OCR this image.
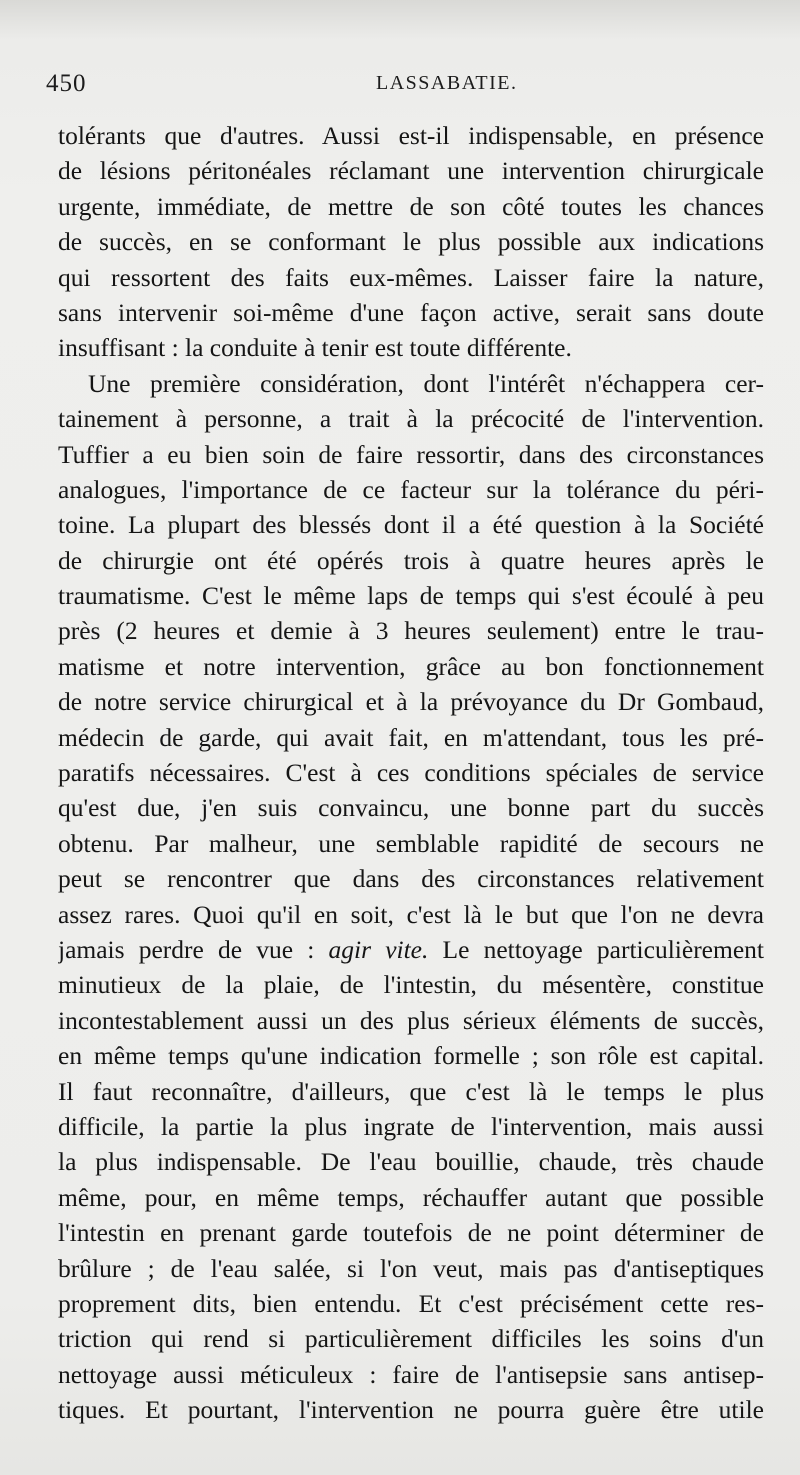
450	LASSABATIE.
tolérants que d'autres. Aussi est-il indispensable, en présence
de lésions péritonéales réclamant une intervention chirurgicale
urgente, immédiate, de mettre de son côté toutes les chances
de succès, en se conformant le plus possible aux indications
qui ressortent des faits eux-mêmes. Laisser faire la nature,
sans intervenir soi-même d'une façon active, serait sans doute
insuffisant : la conduite à tenir est toute différente.
Une première considération, dont l'intérêt n'échappera cer-
tainement à personne, a trait à la précocité de l'intervention.
Tuffier a eu bien soin de faire ressortir, dans des circonstances
analogues, l'importance de ce facteur sur la tolérance du péri-
toine. La plupart des blessés dont il a été question à la Société
de chirurgie ont été opérés trois à quatre heures après le
traumatisme. C'est le même laps de temps qui s'est écoulé à peu
près (2 heures et demie à 3 heures seulement) entre le trau-
matisme et notre intervention, grâce au bon fonctionnement
de notre service chirurgical et à la prévoyance du Dr Gombaud,
médecin de garde, qui avait fait, en m'attendant, tous les pré-
paratifs nécessaires. C'est à ces conditions spéciales de service
qu'est due, j'en suis convaincu, une bonne part du succès
obtenu. Par malheur, une semblable rapidité de secours ne
peut se rencontrer que dans des circonstances relativement
assez rares. Quoi qu'il en soit, c'est là le but que l'on ne devra
jamais perdre de vue : agir vite. Le nettoyage particulièrement
minutieux de la plaie, de l'intestin, du mésentère, constitue
incontestablement aussi un des plus sérieux éléments de succès,
en même temps qu'une indication formelle ; son rôle est capital.
Il faut reconnaître, d'ailleurs, que c'est là le temps le plus
difficile, la partie la plus ingrate de l'intervention, mais aussi
la plus indispensable. De l'eau bouillie, chaude, très chaude
même, pour, en même temps, réchauffer autant que possible
l'intestin en prenant garde toutefois de ne point déterminer de
brûlure ; de l'eau salée, si l'on veut, mais pas d'antiseptiques
proprement dits, bien entendu. Et c'est précisément cette res-
triction qui rend si particulièrement difficiles les soins d'un
nettoyage aussi méticuleux : faire de l'antisepsie sans antisep-
tiques. Et pourtant, l'intervention ne pourra guère être utile
